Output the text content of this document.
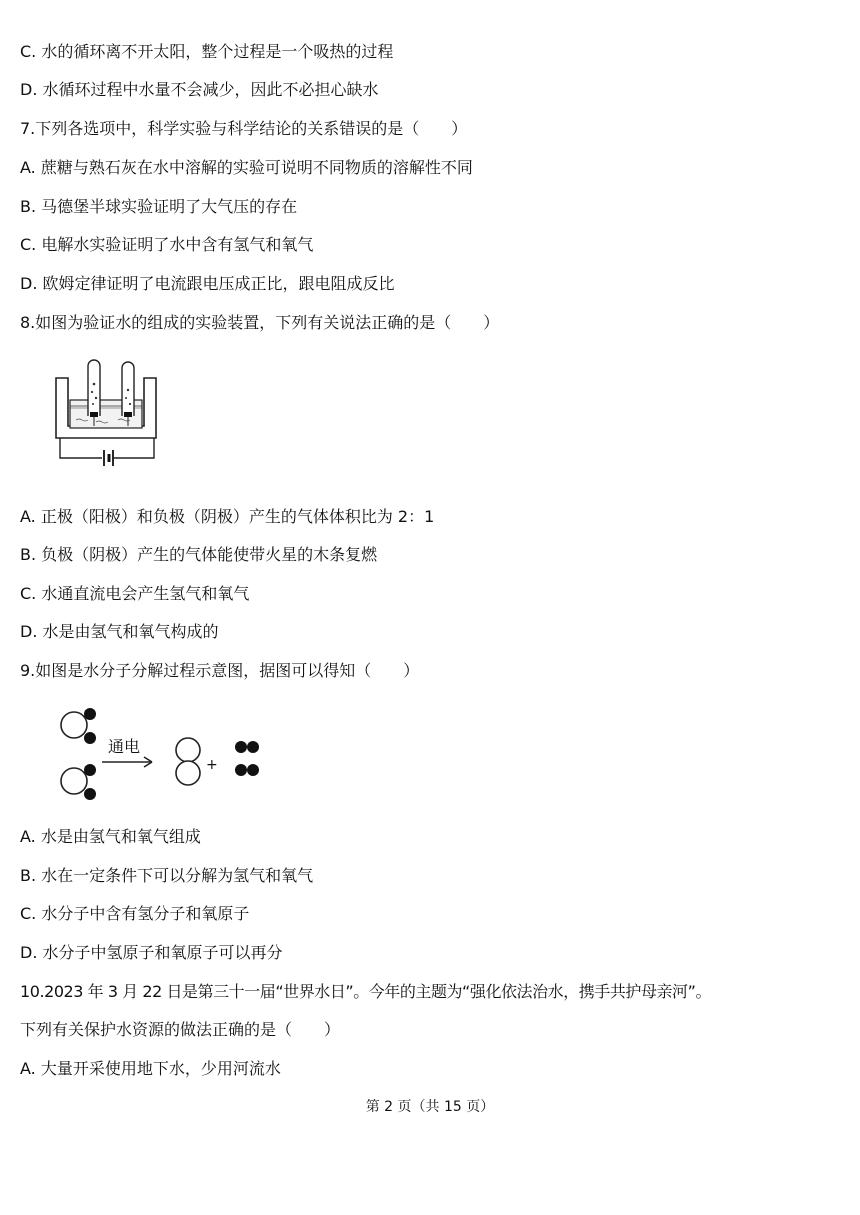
C. 水的循环离不开太阳，整个过程是一个吸热的过程
D. 水循环过程中水量不会减少，因此不必担心缺水
7.下列各选项中，科学实验与科学结论的关系错误的是（　　）
A. 蔗糖与熟石灰在水中溶解的实验可说明不同物质的溶解性不同
B. 马德堡半球实验证明了大气压的存在
C. 电解水实验证明了水中含有氢气和氧气
D. 欧姆定律证明了电流跟电压成正比，跟电阻成反比
8.如图为验证水的组成的实验装置，下列有关说法正确的是（　　）
A. 正极（阳极）和负极（阴极）产生的气体体积比为 2：1
B. 负极（阴极）产生的气体能使带火星的木条复燃
C. 水通直流电会产生氢气和氧气
D. 水是由氢气和氧气构成的
9.如图是水分子分解过程示意图，据图可以得知（　　）
通电
+
A. 水是由氢气和氧气组成
B. 水在一定条件下可以分解为氢气和氧气
C. 水分子中含有氢分子和氧原子
D. 水分子中氢原子和氧原子可以再分
10.2023 年 3 月 22 日是第三十一届“世界水日”。今年的主题为“强化依法治水，携手共护母亲河”。
下列有关保护水资源的做法正确的是（　　）
A. 大量开采使用地下水，少用河流水
第 2 页（共 15 页）
